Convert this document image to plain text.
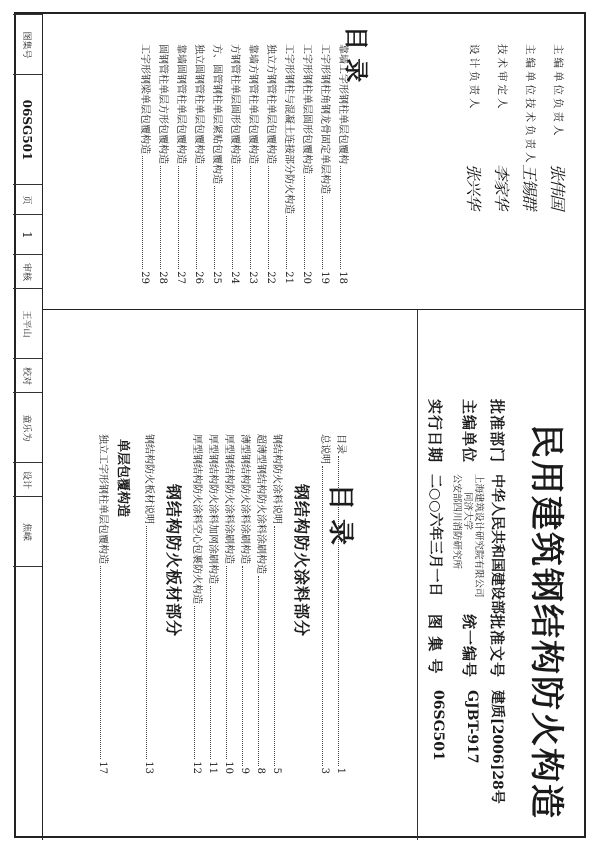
民用建筑钢结构防火构造
批准部门
中华人民共和国建设部
主编单位
上海建筑设计研究院有限公司
同济大学
公安部四川消防研究所
实行日期
二○○六年三月一日
批准文号
建质[2006]28号
统一编号
GJBT-917
图 集 号
06SG501
目 录
目录
1
总说明
3
钢结构防火涂料部分
钢结构防火涂料说明
5
超薄型钢结构防火涂料涂刷构造
8
薄型钢结构防火涂料涂刷构造
9
厚型钢结构防火涂料涂刷构造
10
厚型钢结构防火涂料加网涂刷构造
11
厚型钢结构防火涂料空心包裹防火构造
12
钢结构防火板材部分
钢结构防火板材说明
13
单层包覆构造
独立工字形钢柱单层包覆构造
17
靠墙工字形钢柱单层包覆构
18
工字形钢柱角钢龙骨固定单层构造
19
工字形钢柱单层圆形包覆构造
20
工字形钢柱与混凝土连接部分防火构造
21
独立方钢管柱单层包覆构造
22
靠墙方钢管柱单层包覆构造
23
方钢管柱单层圆形包覆构造
24
方、圆管钢柱单层紧贴包覆构造
25
独立圆钢管柱单层包覆构造
26
靠墙圆钢管柱单层包覆构造
27
圆钢管柱单层方形包覆构造
28
工字形钢梁单层包覆构造
29
主编单位负责人
张伟国
主编单位技术负责人
王锡群
技术审定人
李家华
设计负责人
张兴华
目 录
图集号
06SG501
页
1
审核
王平山
校对
童乐为
设计
焦嵘
